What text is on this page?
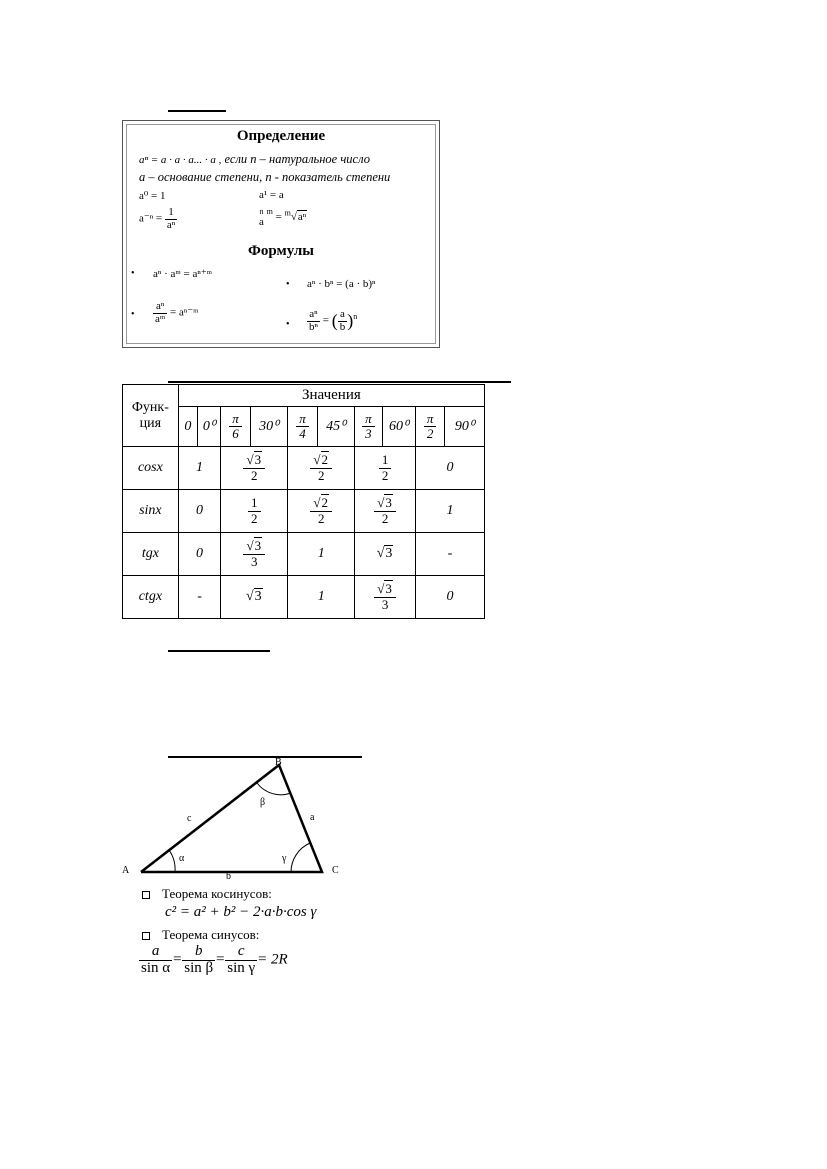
Определение
aⁿ = a · a · a... · a , если n – натуральное число
a – основание степени, n - показатель степени
a⁰ = 1	a¹ = a
$a^{-n} = \frac{1}{\text{aⁿ}}$	n
a
$^m$ = $^m$√aⁿ
Формулы
• aⁿ · aᵐ = aⁿ⁺ᵐ
• aⁿ · bⁿ = (a · b)ⁿ
• $\frac{\text{aⁿ}}{\text{aᵐ}}$ = aⁿ⁻ᵐ
• $\frac{\text{aⁿ}}{\text{bⁿ}}$ = ( $\frac{a}{b} )^n$
Функ-ция	Значения									
	0	0⁰	$\frac{\pi}{6}$	30⁰	$\frac{\pi}{4}$	45⁰	$\frac{\pi}{3}$	60⁰	$\frac{\pi}{2}$	90⁰
cosx	1		$\frac{√3}{2}$		$\frac{√2}{2}$		$\frac{1}{2}$		0	
sinx	0		$\frac{1}{2}$		$\frac{√2}{2}$		$\frac{√3}{2}$		1	
tgx	0		$\frac{√3}{3}$		1		√3		-	
ctgx	-		√3		1		$\frac{√3}{3}$		0	
A
B
C
a
b
c
α
β
γ
Теорема косинусов:
c² = a² + b² − 2·a·b·cos γ
Теорема синусов:
$\frac{a}{\text{sin α}} = \frac{b}{\text{sin β}} = \frac{c}{\text{sin γ}} = 2R$
